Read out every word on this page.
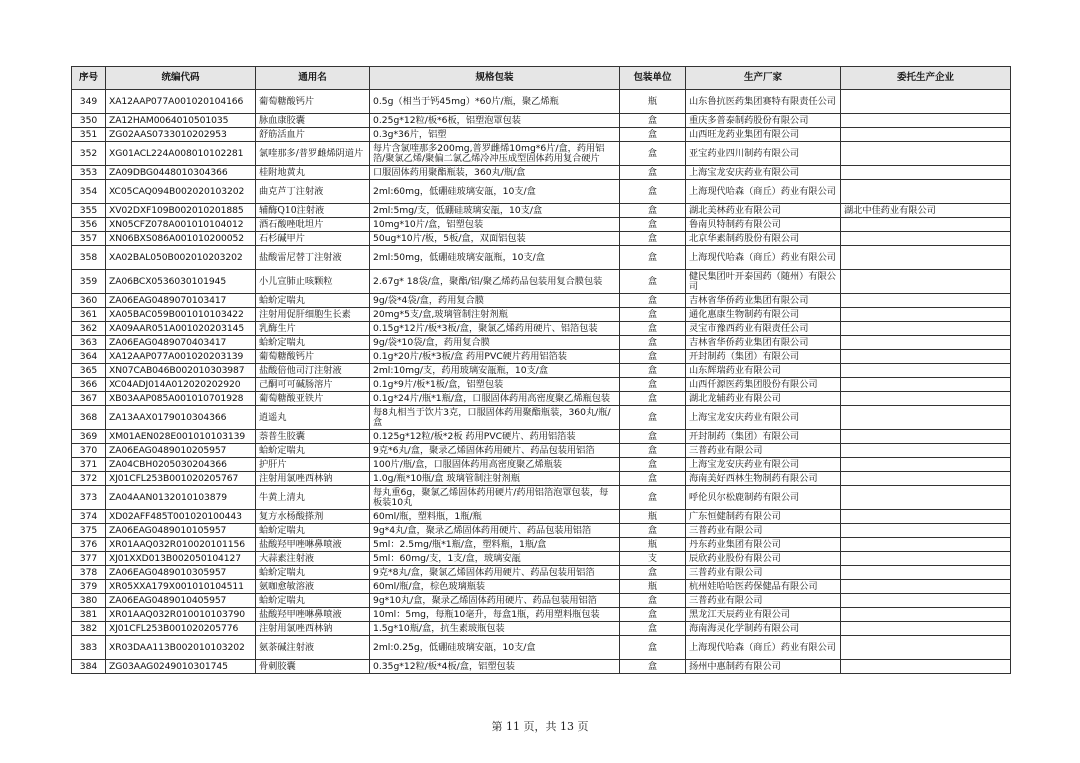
序号	统编代码	通用名	规格包装	包装单位	生产厂家	委托生产企业
349	XA12AAP077A001020104166	葡萄糖酸钙片	0.5g（相当于钙45mg）*60片/瓶，聚乙烯瓶	瓶	山东鲁抗医药集团赛特有限责任公司	
350	ZA12HAM0064010501035	脉血康胶囊	0.25g*12粒/板*6板，铝塑泡罩包装	盒	重庆多普泰制药股份有限公司	
351	ZG02AAS0733010202953	舒筋活血片	0.3g*36片，铝塑	盒	山西旺龙药业集团有限公司	
352	XG01ACL224A008010102281	氯喹那多/普罗雌烯阴道片	每片含氯喹那多200mg,普罗雌烯10mg*6片/盒，药用铝箔/聚氯乙烯/聚偏二氯乙烯冷冲压成型固体药用复合硬片	盒	亚宝药业四川制药有限公司	
353	ZA09DBG0448010304366	桂附地黄丸	口服固体药用聚酯瓶装，360丸/瓶/盒	盒	上海宝龙安庆药业有限公司	
354	XC05CAQ094B002020103202	曲克芦丁注射液	2ml:60mg，低硼硅玻璃安瓿，10支/盒	盒	上海现代哈森（商丘）药业有限公司	
355	XV02DXF109B002010201885	辅酶Q10注射液	2ml:5mg/支，低硼硅玻璃安瓿，10支/盒	盒	湖北美林药业有限公司	湖北中佳药业有限公司
356	XN05CFZ078A001010104012	酒石酸唑吡坦片	10mg*10片/盒，铝塑包装	盒	鲁南贝特制药有限公司	
357	XN06BXS086A001010200052	石杉碱甲片	50ug*10片/板，5板/盒，双面铝包装	盒	北京华素制药股份有限公司	
358	XA02BAL050B002010203202	盐酸雷尼替丁注射液	2ml:50mg，低硼硅玻璃安瓿瓶，10支/盒	盒	上海现代哈森（商丘）药业有限公司	
359	ZA06BCX0536030101945	小儿宣肺止咳颗粒	2.67g* 18袋/盒，聚酯/铝/聚乙烯药品包装用复合膜包装	盒	健民集团叶开泰国药（随州）有限公司	
360	ZA06EAG0489070103417	蛤蚧定喘丸	9g/袋*4袋/盒，药用复合膜	盒	吉林省华侨药业集团有限公司	
361	XA05BAC059B001010103422	注射用促肝细胞生长素	20mg*5支/盒,玻璃管制注射剂瓶	盒	通化惠康生物制药有限公司	
362	XA09AAR051A001020203145	乳酶生片	0.15g*12片/板*3板/盒，聚氯乙烯药用硬片、铝箔包装	盒	灵宝市豫西药业有限责任公司	
363	ZA06EAG0489070403417	蛤蚧定喘丸	9g/袋*10袋/盒，药用复合膜	盒	吉林省华侨药业集团有限公司	
364	XA12AAP077A001020203139	葡萄糖酸钙片	0.1g*20片/板*3板/盒 药用PVC硬片药用铝箔装	盒	开封制药（集团）有限公司	
365	XN07CAB046B002010303987	盐酸倍他司汀注射液	2ml:10mg/支，药用玻璃安瓿瓶，10支/盒	盒	山东辉瑞药业有限公司	
366	XC04ADJ014A012020202920	己酮可可碱肠溶片	0.1g*9片/板*1板/盒，铝塑包装	盒	山西仟源医药集团股份有限公司	
367	XB03AAP085A001010701928	葡萄糖酸亚铁片	0.1g*24片/瓶*1瓶/盒，口服固体药用高密度聚乙烯瓶包装	盒	湖北龙辅药业有限公司	
368	ZA13AAX0179010304366	逍遥丸	每8丸相当于饮片3克，口服固体药用聚酯瓶装，360丸/瓶/盒	盒	上海宝龙安庆药业有限公司	
369	XM01AEN028E001010103139	萘普生胶囊	0.125g*12粒/板*2板 药用PVC硬片、药用铝箔装	盒	开封制药（集团）有限公司	
370	ZA06EAG0489010205957	蛤蚧定喘丸	9克*6丸/盒，聚录乙烯固体药用硬片、药品包装用铝箔	盒	三普药业有限公司	
371	ZA04CBH0205030204366	护肝片	100片/瓶/盒，口服固体药用高密度聚乙烯瓶装	盒	上海宝龙安庆药业有限公司	
372	XJ01CFL253B001020205767	注射用氯唑西林钠	1.0g/瓶*10瓶/盒 玻璃管制注射剂瓶	盒	海南美好西林生物制药有限公司	
373	ZA04AAN0132010103879	牛黄上清丸	每丸重6g，聚氯乙烯固体药用硬片/药用铝箔泡罩包装，每板装10丸	盒	呼伦贝尔松鹿制药有限公司	
374	XD02AFF485T001020100443	复方水杨酸搽剂	60ml/瓶，塑料瓶，1瓶/瓶	瓶	广东恒健制药有限公司	
375	ZA06EAG0489010105957	蛤蚧定喘丸	9g*4丸/盒，聚录乙烯固体药用硬片、药品包装用铝箔	盒	三普药业有限公司	
376	XR01AAQ032R010020101156	盐酸羟甲唑啉鼻喷液	5ml：2.5mg/瓶*1瓶/盒，塑料瓶，1瓶/盒	瓶	丹东药业集团有限公司	
377	XJ01XXD013B002050104127	大蒜素注射液	5ml：60mg/支，1支/盒，玻璃安瓿	支	辰欣药业股份有限公司	
378	ZA06EAG0489010305957	蛤蚧定喘丸	9克*8丸/盒，聚氯乙烯固体药用硬片、药品包装用铝箔	盒	三普药业有限公司	
379	XR05XXA179X001010104511	氨咖愈敏溶液	60ml/瓶/盒，棕色玻璃瓶装	瓶	杭州娃哈哈医药保健品有限公司	
380	ZA06EAG0489010405957	蛤蚧定喘丸	9g*10丸/盒，聚录乙烯固体药用硬片、药品包装用铝箔	盒	三普药业有限公司	
381	XR01AAQ032R010010103790	盐酸羟甲唑啉鼻喷液	10ml：5mg，每瓶10毫升，每盒1瓶，药用塑料瓶包装	盒	黑龙江天辰药业有限公司	
382	XJ01CFL253B001020205776	注射用氯唑西林钠	1.5g*10瓶/盒，抗生素玻瓶包装	盒	海南海灵化学制药有限公司	
383	XR03DAA113B002010103202	氨茶碱注射液	2ml:0.25g，低硼硅玻璃安瓿，10支/盒	盒	上海现代哈森（商丘）药业有限公司	
384	ZG03AAG0249010301745	骨刺胶囊	0.35g*12粒/板*4板/盒，铝塑包装	盒	扬州中惠制药有限公司	
第 11 页，共 13 页
